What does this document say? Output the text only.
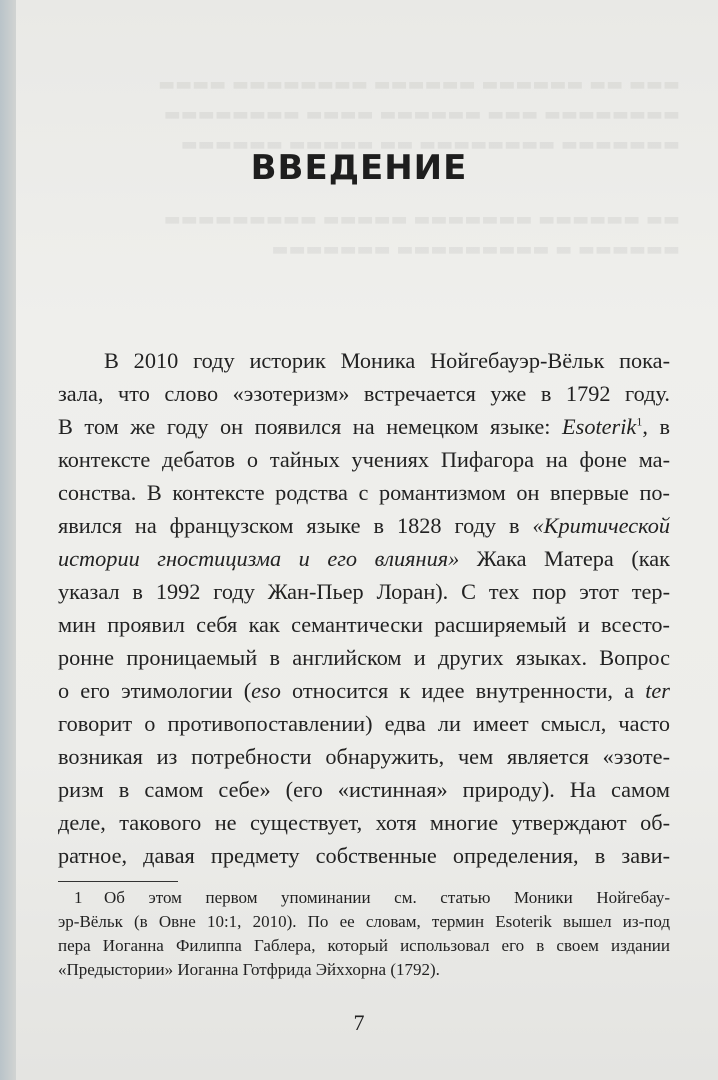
▬▬▬ ▬▬ ▬▬▬▬▬▬ ▬▬▬▬▬▬ ▬▬▬▬▬▬▬▬ ▬▬▬▬
▬▬▬▬▬▬▬▬ ▬▬▬ ▬▬▬▬▬▬ ▬▬▬▬ ▬▬▬▬▬▬▬▬
▬▬▬▬▬▬▬ ▬▬▬▬▬▬▬▬ ▬▬ ▬▬▬▬▬ ▬▬▬▬▬▬
▬▬ ▬▬▬▬▬▬ ▬▬▬▬▬▬▬ ▬▬▬▬▬ ▬▬▬▬▬▬▬▬▬
▬▬▬▬▬▬ ▬ ▬▬▬▬▬▬▬▬▬ ▬▬▬▬▬▬▬
ВВЕДЕНИЕ
В 2010 году историк Моника Нойгебауэр-Вёльк пока-
зала, что слово «эзотеризм» встречается уже в 1792 году.
В том же году он появился на немецком языке: Esoterik$^1$, в
контексте дебатов о тайных учениях Пифагора на фоне ма-
сонства. В контексте родства с романтизмом он впервые по-
явился на французском языке в 1828 году в «Критической
истории гностицизма и его влияния» Жака Матера (как
указал в 1992 году Жан-Пьер Лоран). С тех пор этот тер-
мин проявил себя как семантически расширяемый и всесто-
ронне проницаемый в английском и других языках. Вопрос
о его этимологии (eso относится к идее внутренности, а ter
говорит о противопоставлении) едва ли имеет смысл, часто
возникая из потребности обнаружить, чем является «эзоте-
ризм в самом себе» (его «истинная» природу). На самом
деле, такового не существует, хотя многие утверждают об-
ратное, давая предмету собственные определения, в зави-
1 Об этом первом упоминании см. статью Моники Нойгебау-
эр-Вёльк (в Овне 10:1, 2010). По ее словам, термин Esoterik вышел из-под
пера Иоганна Филиппа Габлера, который использовал его в своем издании
«Предыстории» Иоганна Готфрида Эйххорна (1792).
7
